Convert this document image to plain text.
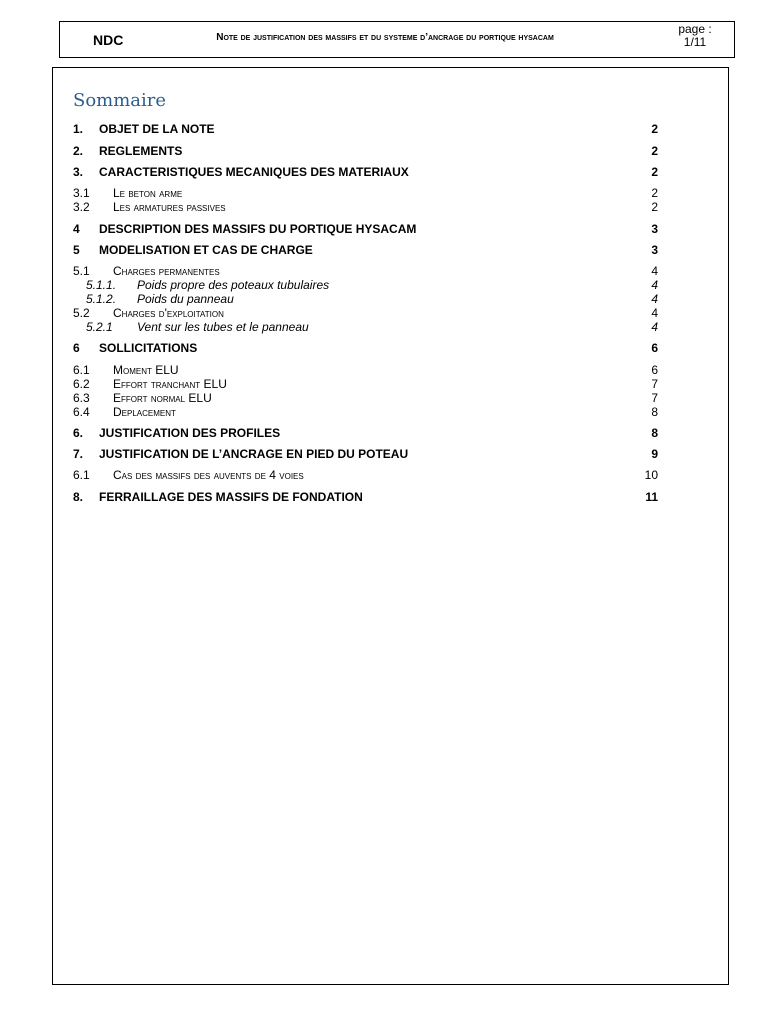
NDC	Note de justification des massifs et du systeme d’ancrage du portique hysacam
page :
1/11
Sommaire
1. OBJET DE LA NOTE	2
2. REGLEMENTS	2
3. CARACTERISTIQUES MECANIQUES DES MATERIAUX	2
3.1 Le beton arme	2
3.2 Les armatures passives	2
4 DESCRIPTION DES MASSIFS DU PORTIQUE HYSACAM	3
5 MODELISATION ET CAS DE CHARGE	3
5.1 Charges permanentes	4
5.1.1. Poids propre des poteaux tubulaires	4
5.1.2. Poids du panneau	4
5.2 Charges d'exploitation	4
5.2.1 Vent sur les tubes et le panneau	4
6 SOLLICITATIONS	6
6.1 Moment ELU	6
6.2 Effort tranchant ELU	7
6.3 Effort normal ELU	7
6.4 Deplacement	8
6. JUSTIFICATION DES PROFILES	8
7. JUSTIFICATION DE L’ANCRAGE EN PIED DU POTEAU	9
6.1 Cas des massifs des auvents de 4 voies	10
8. FERRAILLAGE DES MASSIFS DE FONDATION	11
